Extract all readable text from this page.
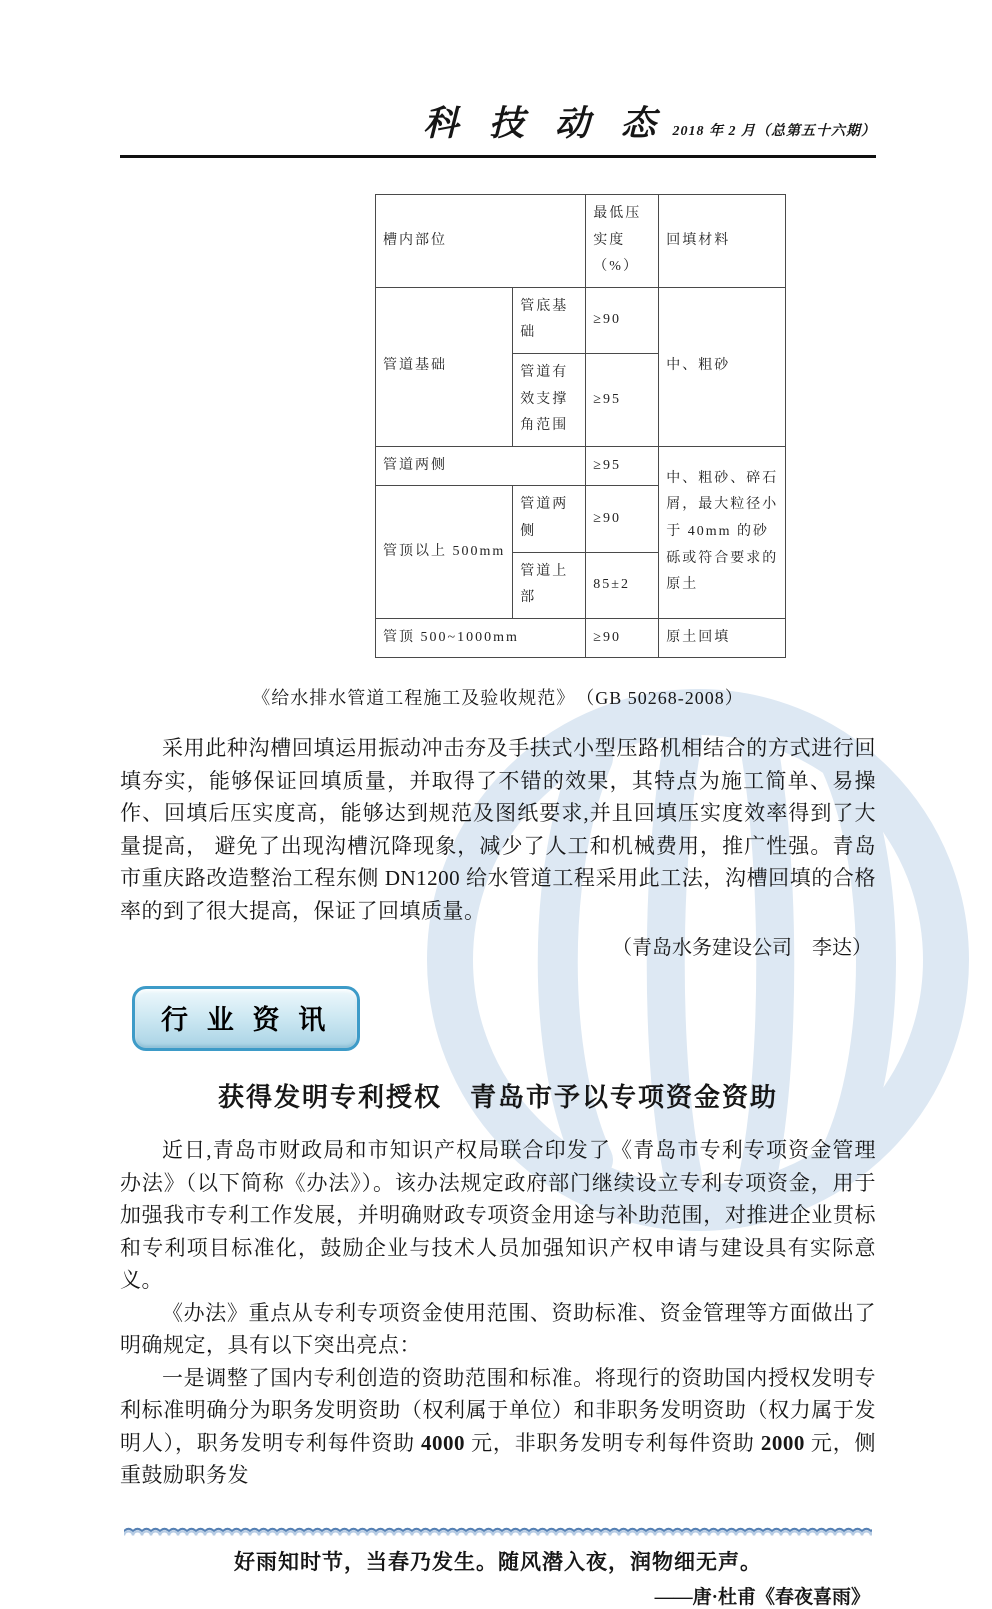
科 技 动 态 2018 年 2 月（总第五十六期）
槽内部位		最低压实度（%）	回填材料
管道基础	管底基础	≥90	中、粗砂
	管道有效支撑角范围	≥95	
管道两侧		≥95	中、粗砂、碎石屑，最大粒径小于 40mm 的砂砾或符合要求的原土
管顶以上 500mm	管道两侧	≥90	
	管道上部	85±2	
管顶 500~1000mm		≥90	原土回填
《给水排水管道工程施工及验收规范》　（GB 50268-2008）

采用此种沟槽回填运用振动冲击夯及手扶式小型压路机相结合的方式进行回填夯实，能够保证回填质量，并取得了不错的效果，其特点为施工简单、易操作、回填后压实度高，能够达到规范及图纸要求,并且回填压实度效率得到了大量提高， 避免了出现沟槽沉降现象，减少了人工和机械费用，推广性强。青岛市重庆路改造整治工程东侧 DN1200 给水管道工程采用此工法，沟槽回填的合格率的到了很大提高，保证了回填质量。

（青岛水务建设公司　李达）
行 业 资 讯
获得发明专利授权　青岛市予以专项资金资助

近日,青岛市财政局和市知识产权局联合印发了《青岛市专利专项资金管理办法》（以下简称《办法》）。该办法规定政府部门继续设立专利专项资金，用于加强我市专利工作发展，并明确财政专项资金用途与补助范围，对推进企业贯标和专利项目标准化，鼓励企业与技术人员加强知识产权申请与建设具有实际意义。

《办法》重点从专利专项资金使用范围、资助标准、资金管理等方面做出了明确规定，具有以下突出亮点：

一是调整了国内专利创造的资助范围和标准。将现行的资助国内授权发明专利标准明确分为职务发明资助（权利属于单位）和非职务发明资助（权力属于发明人），职务发明专利每件资助 4000 元，非职务发明专利每件资助 2000 元，侧重鼓励职务发

好雨知时节，当春乃发生。随风潜入夜，润物细无声。
——唐·杜甫《春夜喜雨》
